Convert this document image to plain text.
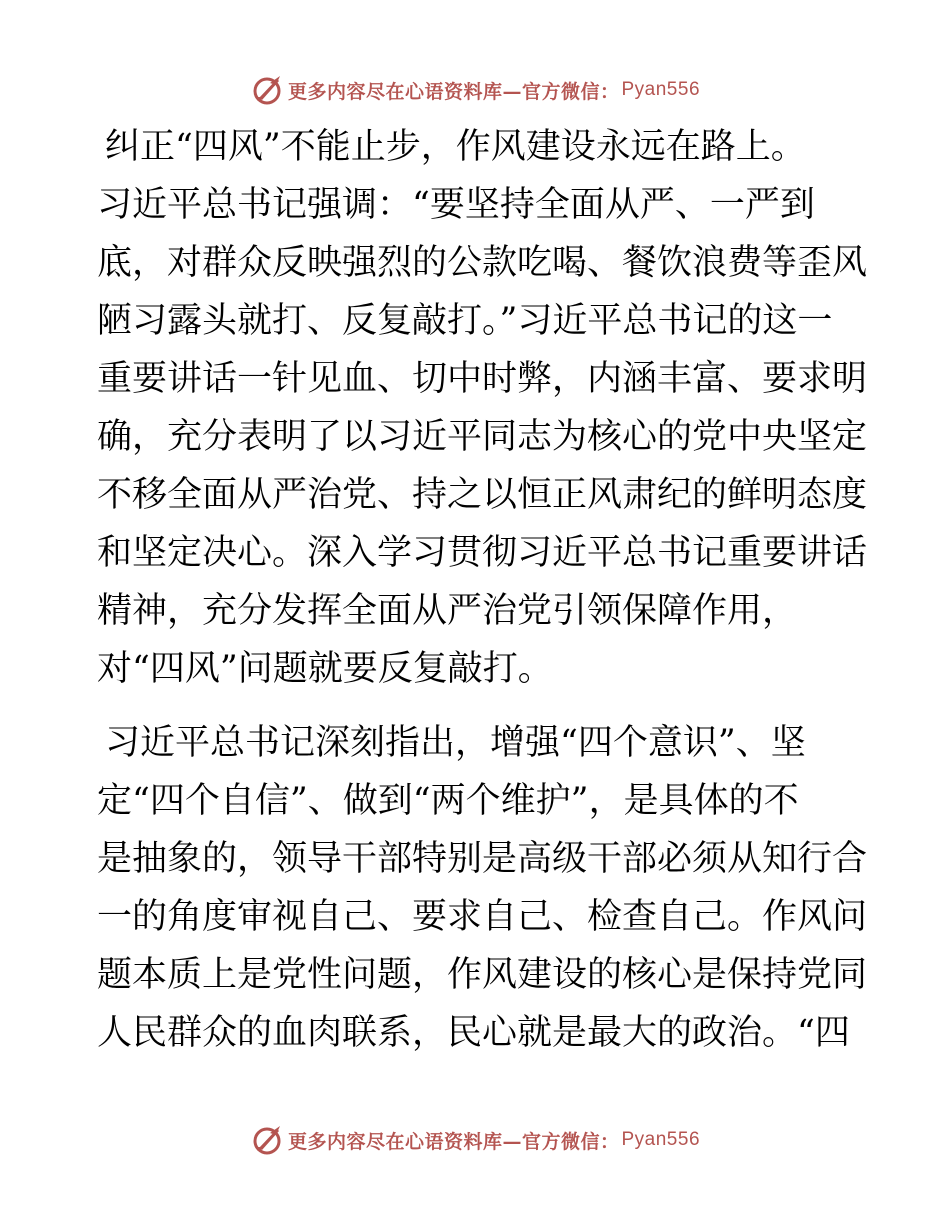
更多内容尽在心语资料库—官方微信： Pyan556
纠正“四风”不能止步，作风建设永远在路上。
习近平总书记强调：“要坚持全面从严、一严到
底，对群众反映强烈的公款吃喝、餐饮浪费等歪风
陋习露头就打、反复敲打。”习近平总书记的这一
重要讲话一针见血、切中时弊，内涵丰富、要求明
确，充分表明了以习近平同志为核心的党中央坚定
不移全面从严治党、持之以恒正风肃纪的鲜明态度
和坚定决心。深入学习贯彻习近平总书记重要讲话
精神，充分发挥全面从严治党引领保障作用，
对“四风”问题就要反复敲打。
习近平总书记深刻指出，增强“四个意识”、坚
定“四个自信”、做到“两个维护”，是具体的不
是抽象的，领导干部特别是高级干部必须从知行合
一的角度审视自己、要求自己、检查自己。作风问
题本质上是党性问题，作风建设的核心是保持党同
人民群众的血肉联系，民心就是最大的政治。“四
更多内容尽在心语资料库—官方微信： Pyan556
